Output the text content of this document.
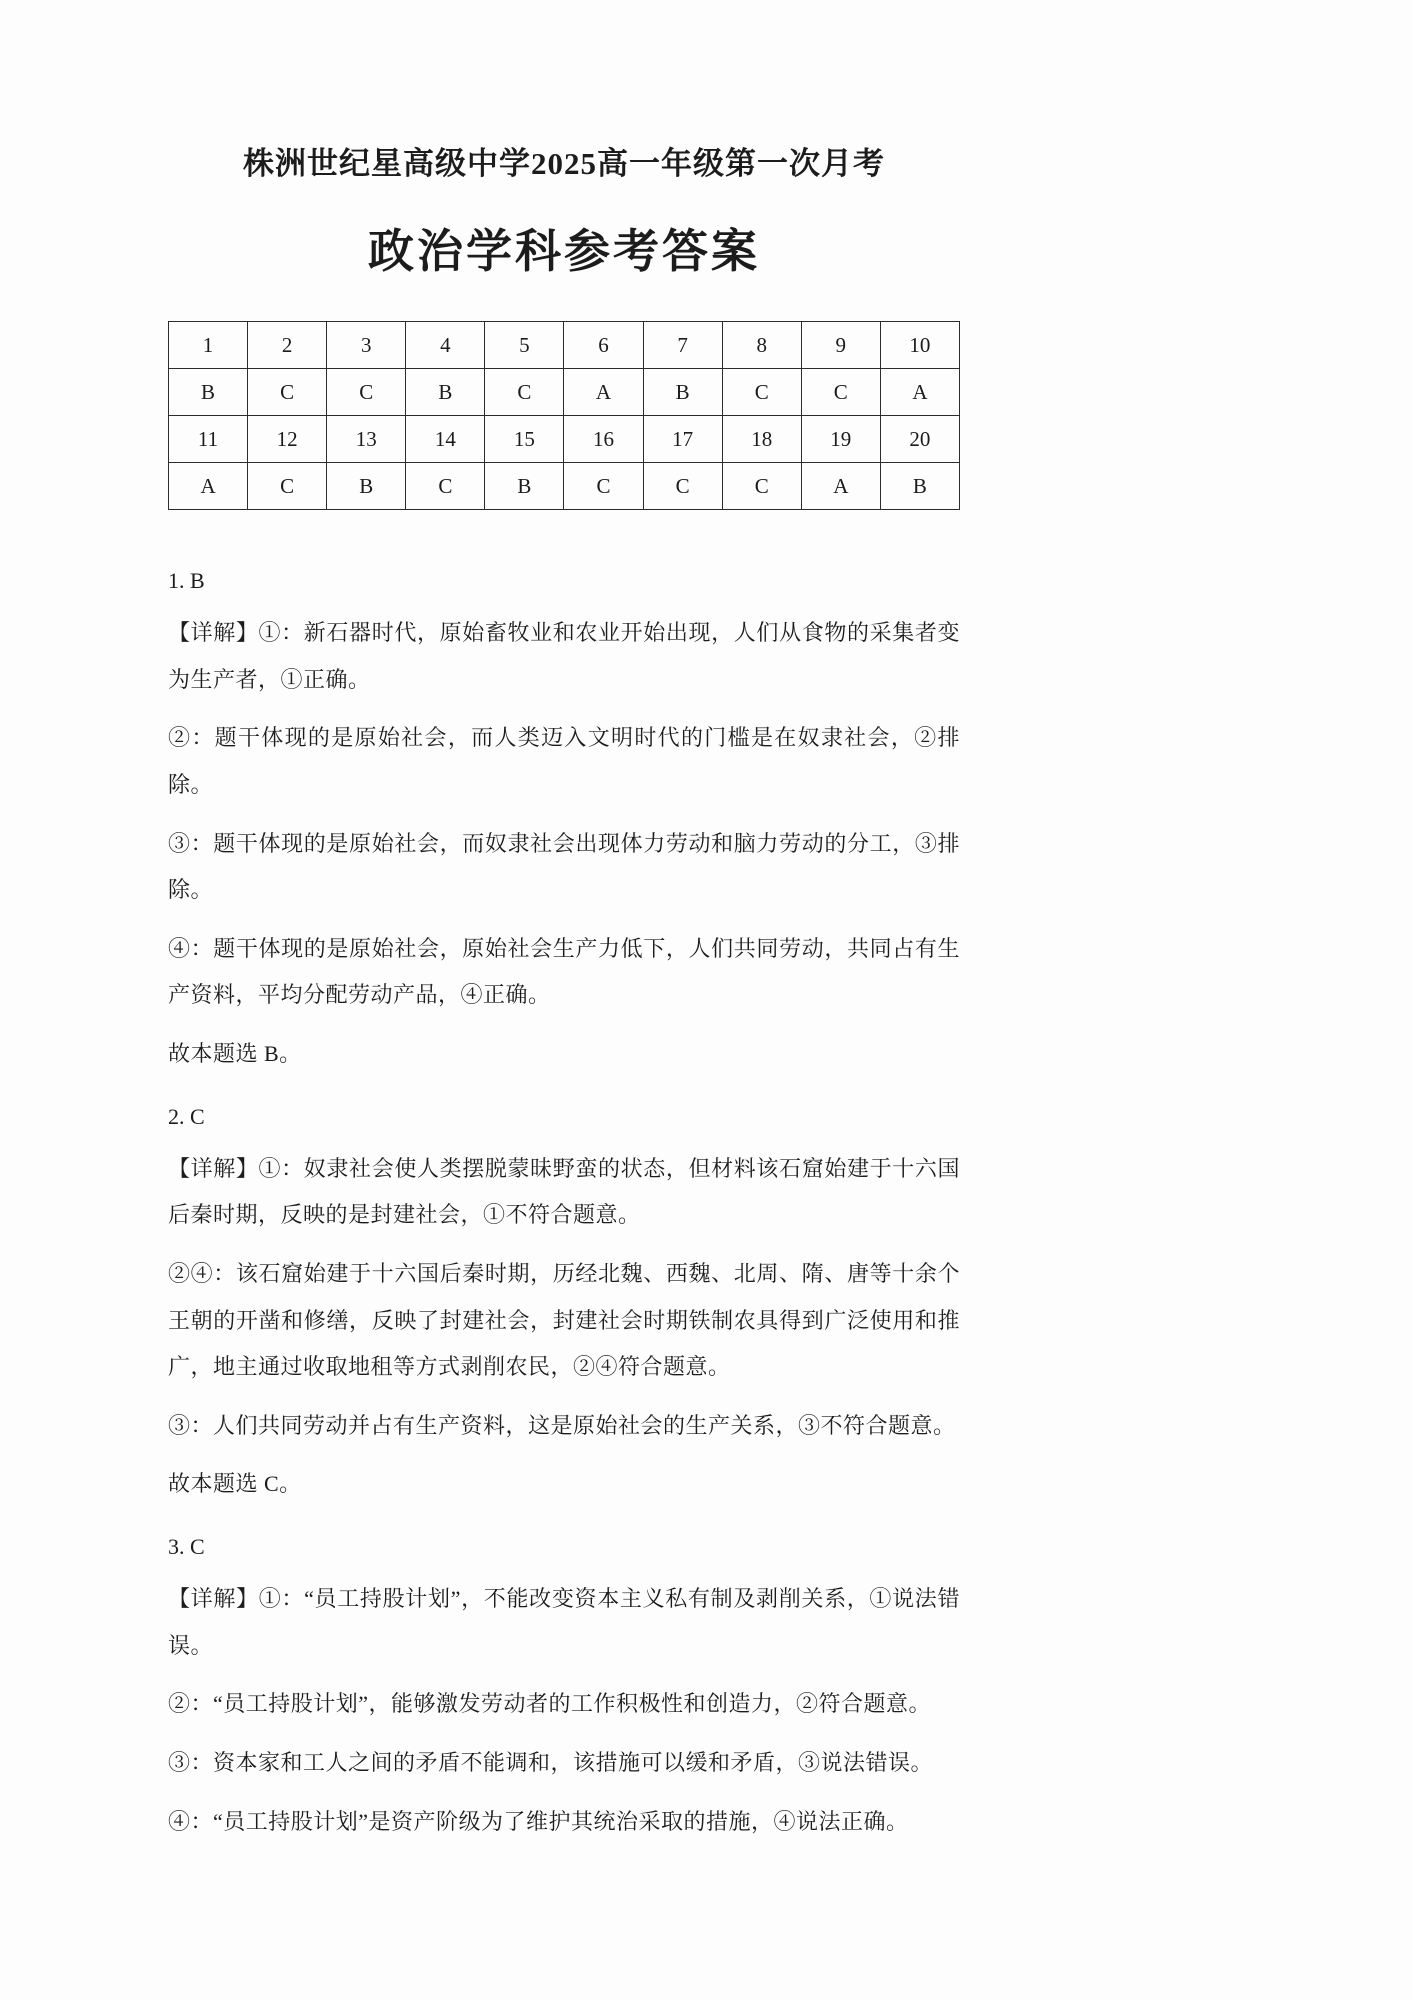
株洲世纪星高级中学2025高一年级第一次月考
政治学科参考答案
1	2	3	4	5	6	7	8	9	10
B	C	C	B	C	A	B	C	C	A
11	12	13	14	15	16	17	18	19	20
A	C	B	C	B	C	C	C	A	B
1. B

【详解】①：新石器时代，原始畜牧业和农业开始出现，人们从食物的采集者变为生产者，①正确。

②：题干体现的是原始社会，而人类迈入文明时代的门槛是在奴隶社会，②排除。

③：题干体现的是原始社会，而奴隶社会出现体力劳动和脑力劳动的分工，③排除。

④：题干体现的是原始社会，原始社会生产力低下，人们共同劳动，共同占有生产资料，平均分配劳动产品，④正确。

故本题选 B。

2. C

【详解】①：奴隶社会使人类摆脱蒙昧野蛮的状态，但材料该石窟始建于十六国后秦时期，反映的是封建社会，①不符合题意。

②④：该石窟始建于十六国后秦时期，历经北魏、西魏、北周、隋、唐等十余个王朝的开凿和修缮，反映了封建社会，封建社会时期铁制农具得到广泛使用和推广，地主通过收取地租等方式剥削农民，②④符合题意。

③：人们共同劳动并占有生产资料，这是原始社会的生产关系，③不符合题意。

故本题选 C。

3. C

【详解】①：“员工持股计划”，不能改变资本主义私有制及剥削关系，①说法错误。

②：“员工持股计划”，能够激发劳动者的工作积极性和创造力，②符合题意。

③：资本家和工人之间的矛盾不能调和，该措施可以缓和矛盾，③说法错误。

④：“员工持股计划”是资产阶级为了维护其统治采取的措施，④说法正确。
